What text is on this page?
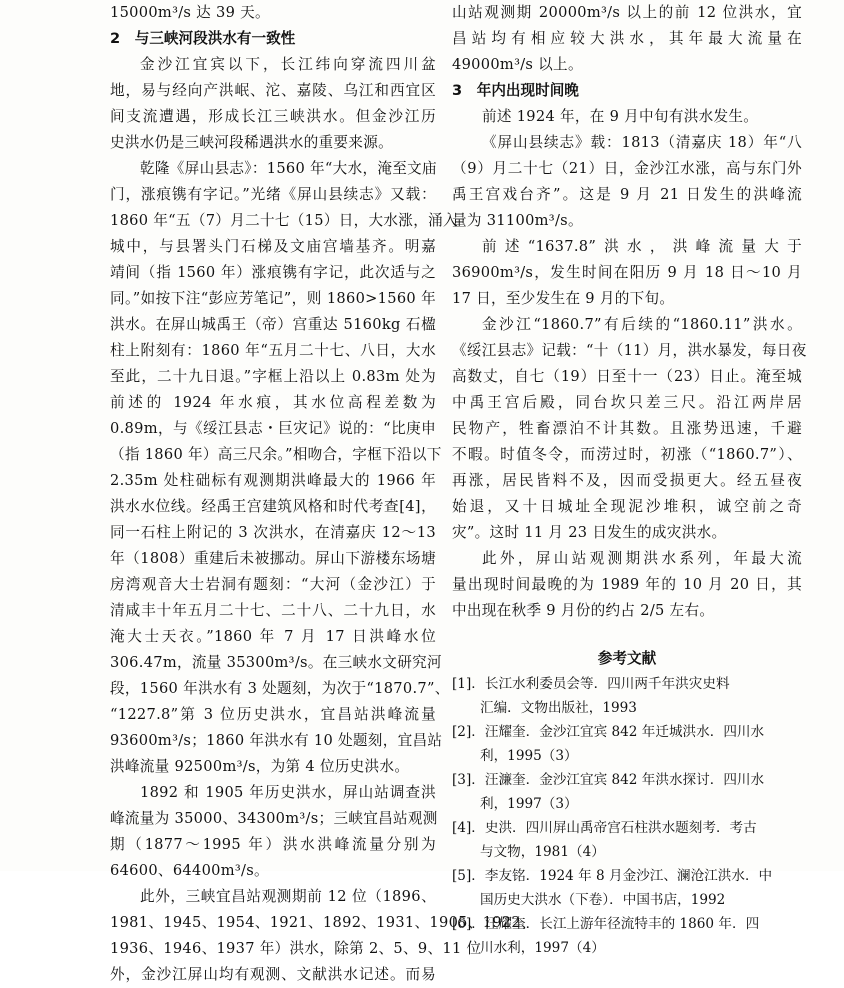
15000m³/s 达 39 天。
2　与三峡河段洪水有一致性
金沙江宜宾以下，长江纬向穿流四川盆
地，易与经向产洪岷、沱、嘉陵、乌江和西宜区
间支流遭遇，形成长江三峡洪水。但金沙江历
史洪水仍是三峡河段稀遇洪水的重要来源。
乾隆《屏山县志》：1560 年“大水，淹至文庙
门，涨痕镌有字记。”光绪《屏山县续志》又载：
1860 年“五（7）月二十七（15）日，大水涨，涌入
城中，与县署头门石梯及文庙宫墙基齐。明嘉
靖间（指 1560 年）涨痕镌有字记，此次适与之
同。”如按下注“彭应芳笔记”，则 1860>1560 年
洪水。在屏山城禹王（帝）宫重达 5160kg 石楹
柱上附刻有：1860 年“五月二十七、八日，大水
至此，二十九日退。”字框上沿以上 0.83m 处为
前述的 1924 年水痕，其水位高程差数为
0.89m，与《绥江县志・巨灾记》说的：“比庚申
（指 1860 年）高三尺余。”相吻合，字框下沿以下
2.35m 处柱础标有观测期洪峰最大的 1966 年
洪水水位线。经禹王宫建筑风格和时代考查[4]，
同一石柱上附记的 3 次洪水，在清嘉庆 12～13
年（1808）重建后未被挪动。屏山下游楼东场塘
房湾观音大士岩洞有题刻：“大河（金沙江）于
清咸丰十年五月二十七、二十八、二十九日，水
淹大士天衣。”1860 年 7 月 17 日洪峰水位
306.47m，流量 35300m³/s。在三峡水文研究河
段，1560 年洪水有 3 处题刻，为次于“1870.7”、
“1227.8”第 3 位历史洪水，宜昌站洪峰流量
93600m³/s；1860 年洪水有 10 处题刻，宜昌站
洪峰流量 92500m³/s，为第 4 位历史洪水。
1892 和 1905 年历史洪水，屏山站调查洪
峰流量为 35000、34300m³/s；三峡宜昌站观测
期（1877～1995 年）洪水洪峰流量分别为
64600、64400m³/s。
此外，三峡宜昌站观测期前 12 位（1896、
1981、1945、1954、1921、1892、1931、1905、1922、
1936、1946、1937 年）洪水，除第 2、5、9、11 位
外，金沙江屏山均有观测、文献洪水记述。而易
山站观测期 20000m³/s 以上的前 12 位洪水，宜
昌站均有相应较大洪水，其年最大流量在
49000m³/s 以上。
3　年内出现时间晚
前述 1924 年，在 9 月中旬有洪水发生。
《屏山县续志》载：1813（清嘉庆 18）年“八
（9）月二十七（21）日，金沙江水涨，高与东门外
禹王宫戏台齐”。这是 9 月 21 日发生的洪峰流
量为 31100m³/s。
前述“1637.8”洪水，洪峰流量大于
36900m³/s，发生时间在阳历 9 月 18 日～10 月
17 日，至少发生在 9 月的下旬。
金沙江“1860.7”有后续的“1860.11”洪水。
《绥江县志》记载：“十（11）月，洪水暴发，每日夜
高数丈，自七（19）日至十一（23）日止。淹至城
中禹王宫后殿，同台坎只差三尺。沿江两岸居
民物产，牲畜漂泊不计其数。且涨势迅速，千避
不暇。时值冬令，而涝过时，初涨（“1860.7”）、
再涨，居民皆料不及，因而受损更大。经五昼夜
始退，又十日城址全现泥沙堆积，诚空前之奇
灾”。这时 11 月 23 日发生的成灾洪水。
此外，屏山站观测期洪水系列，年最大流
量出现时间最晚的为 1989 年的 10 月 20 日，其
中出现在秋季 9 月份的约占 2/5 左右。
参考文献
[1]．长江水利委员会等．四川两千年洪灾史料
汇编．文物出版社，1993
[2]．汪耀奎．金沙江宜宾 842 年迁城洪水．四川水
利，1995（3）
[3]．汪濂奎．金沙江宜宾 842 年洪水探讨．四川水
利，1997（3）
[4]．史洪．四川屏山禹帝宫石柱洪水题刻考．考古
与文物，1981（4）
[5]．李友铭．1924 年 8 月金沙江、澜沧江洪水．中
国历史大洪水（下卷）．中国书店，1992
[6]．汪耀奎．长江上游年径流特丰的 1860 年．四
川水利，1997（4）
